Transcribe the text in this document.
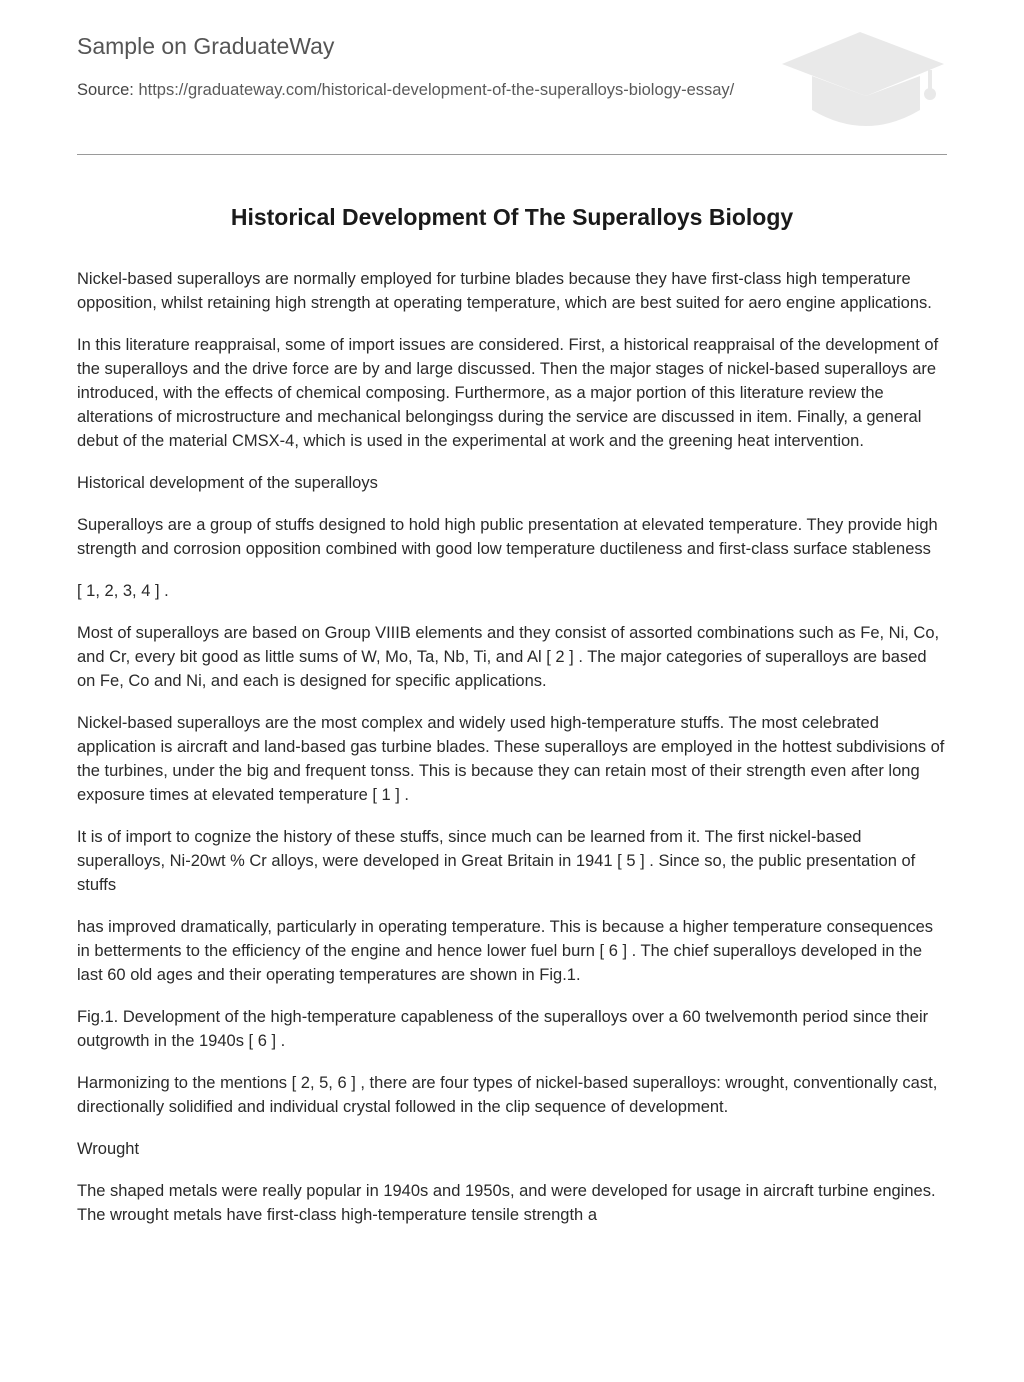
Sample on GraduateWay
Source: https://graduateway.com/historical-development-of-the-superalloys-biology-essay/
Historical Development Of The Superalloys Biology

Nickel-based superalloys are normally employed for turbine blades because they have first-class high temperature opposition, whilst retaining high strength at operating temperature, which are best suited for aero engine applications.

In this literature reappraisal, some of import issues are considered. First, a historical reappraisal of the development of the superalloys and the drive force are by and large discussed. Then the major stages of nickel-based superalloys are introduced, with the effects of chemical composing. Furthermore, as a major portion of this literature review the alterations of microstructure and mechanical belongingss during the service are discussed in item. Finally, a general debut of the material CMSX-4, which is used in the experimental at work and the greening heat intervention.

Historical development of the superalloys

Superalloys are a group of stuffs designed to hold high public presentation at elevated temperature. They provide high strength and corrosion opposition combined with good low temperature ductileness and first-class surface stableness

[ 1, 2, 3, 4 ] .

Most of superalloys are based on Group VIIIB elements and they consist of assorted combinations such as Fe, Ni, Co, and Cr, every bit good as little sums of W, Mo, Ta, Nb, Ti, and Al [ 2 ] . The major categories of superalloys are based on Fe, Co and Ni, and each is designed for specific applications.

Nickel-based superalloys are the most complex and widely used high-temperature stuffs. The most celebrated application is aircraft and land-based gas turbine blades. These superalloys are employed in the hottest subdivisions of the turbines, under the big and frequent tonss. This is because they can retain most of their strength even after long exposure times at elevated temperature [ 1 ] .

It is of import to cognize the history of these stuffs, since much can be learned from it. The first nickel-based superalloys, Ni-20wt % Cr alloys, were developed in Great Britain in 1941 [ 5 ] . Since so, the public presentation of stuffs

has improved dramatically, particularly in operating temperature. This is because a higher temperature consequences in betterments to the efficiency of the engine and hence lower fuel burn [ 6 ] . The chief superalloys developed in the last 60 old ages and their operating temperatures are shown in Fig.1.

Fig.1. Development of the high-temperature capableness of the superalloys over a 60 twelvemonth period since their outgrowth in the 1940s [ 6 ] .

Harmonizing to the mentions [ 2, 5, 6 ] , there are four types of nickel-based superalloys: wrought, conventionally cast, directionally solidified and individual crystal followed in the clip sequence of development.

Wrought

The shaped metals were really popular in 1940s and 1950s, and were developed for usage in aircraft turbine engines. The wrought metals have first-class high-temperature tensile strength a
